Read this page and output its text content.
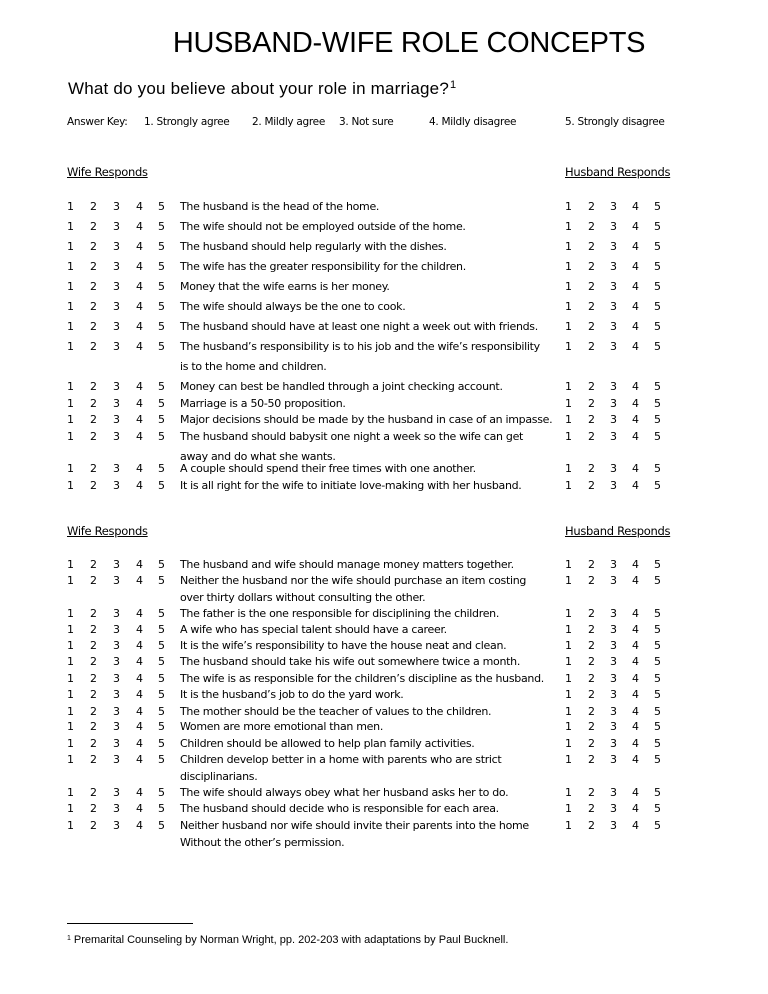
HUSBAND-WIFE ROLE CONCEPTS
What do you believe about your role in marriage?$^1$
Answer Key: 1. Strongly agree 2. Mildly agree 3. Not sure	4. Mildly disagree	5. Strongly disagree
Wife Responds	Husband Responds
1 2 3 4 5 The husband is the head of the home.	1 2 3 4 5
1 2 3 4 5 The wife should not be employed outside of the home.	1 2 3 4 5
1 2 3 4 5 The husband should help regularly with the dishes.	1 2 3 4 5
1 2 3 4 5 The wife has the greater responsibility for the children.	1 2 3 4 5
1 2 3 4 5 Money that the wife earns is her money.	1 2 3 4 5
1 2 3 4 5 The wife should always be the one to cook.	1 2 3 4 5
1 2 3 4 5 The husband should have at least one night a week out with friends.	1 2 3 4 5
1 2 3 4 5 The husband’s responsibility is to his job and the wife’s responsibility
is to the home and children.
1 2 3 4 5
1 2 3 4 5 Money can best be handled through a joint checking account.	1 2 3 4 5
1 2 3 4 5 Marriage is a 50-50 proposition.	1 2 3 4 5
1 2 3 4 5 Major decisions should be made by the husband in case of an impasse.	1 2 3 4 5
1 2 3 4 5 The husband should babysit one night a week so the wife can get
away and do what she wants.
1 2 3 4 5
1 2 3 4 5 A couple should spend their free times with one another.	1 2 3 4 5
1 2 3 4 5 It is all right for the wife to initiate love-making with her husband.	1 2 3 4 5
Wife Responds	Husband Responds
1 2 3 4 5 The husband and wife should manage money matters together.	1 2 3 4 5
1 2 3 4 5 Neither the husband nor the wife should purchase an item costing
over thirty dollars without consulting the other.
1 2 3 4 5
1 2 3 4 5 The father is the one responsible for disciplining the children.	1 2 3 4 5
1 2 3 4 5 A wife who has special talent should have a career.	1 2 3 4 5
1 2 3 4 5 It is the wife’s responsibility to have the house neat and clean.	1 2 3 4 5
1 2 3 4 5 The husband should take his wife out somewhere twice a month.	1 2 3 4 5
1 2 3 4 5 The wife is as responsible for the children’s discipline as the husband.	1 2 3 4 5
1 2 3 4 5 It is the husband’s job to do the yard work.	1 2 3 4 5
1 2 3 4 5 The mother should be the teacher of values to the children.	1 2 3 4 5
1 2 3 4 5 Women are more emotional than men.	1 2 3 4 5
1 2 3 4 5 Children should be allowed to help plan family activities.	1 2 3 4 5
1 2 3 4 5 Children develop better in a home with parents who are strict
disciplinarians.
1 2 3 4 5
1 2 3 4 5 The wife should always obey what her husband asks her to do.	1 2 3 4 5
1 2 3 4 5 The husband should decide who is responsible for each area.	1 2 3 4 5
1 2 3 4 5 Neither husband nor wife should invite their parents into the home
Without the other’s permission.
1 2 3 4 5
$^1$ Premarital Counseling by Norman Wright, pp. 202-203 with adaptations by Paul Bucknell.
